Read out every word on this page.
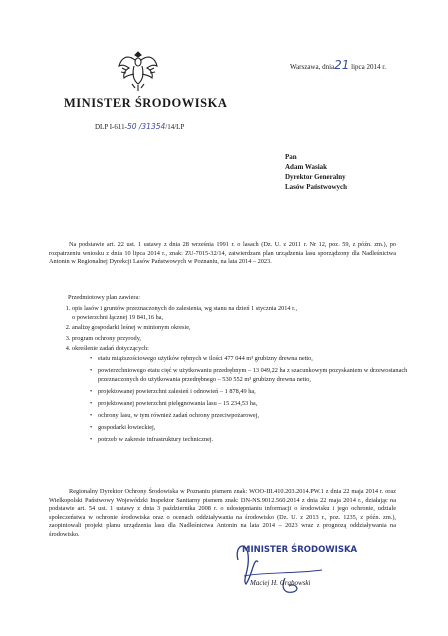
MINISTER ŚRODOWISKA
DLP I-611-50 /31354/14/LP
Warszawa, dnia21 lipca 2014 r.
Pan
Adam Wasiak
Dyrektor Generalny
Lasów Państwowych
Na podstawie art. 22 ust. 1 ustawy z dnia 28 września 1991 r. o lasach (Dz. U. z 2011 r. Nr 12, poz. 59, z późn. zm.), po rozpatrzeniu wniosku z dnia 10 lipca 2014 r., znak: ZU-7015-32/14, zatwierdzam plan urządzenia lasu sporządzony dla Nadleśnictwa Antonin w Regionalnej Dyrekcji Lasów Państwowych w Poznaniu, na lata 2014 – 2023.
Przedmiotowy plan zawiera:
1. opis lasów i gruntów przeznaczonych do zalesienia, wg stanu na dzień 1 stycznia 2014 r.,
o powierzchni łącznej 19 841,16 ha,
2. analizę gospodarki leśnej w minionym okresie,
3. program ochrony przyrody,
4. określenie zadań dotyczących:
• etatu miąższościowego użytków rębnych w ilości 477 044 m³ grubizny drewna netto,
• powierzchniowego etatu cięć w użytkowaniu przedrębnym – 13 049,22 ha z szacunkowym pozyskaniem w drzewostanach przeznaczonych do użytkowania przedrębnego – 530 552 m³ grubizny drewna netto,
• projektowanej powierzchni zalesień i odnowień – 1 878,49 ha,
• projektowanej powierzchni pielęgnowania lasu – 15 234,53 ha,
• ochrony lasu, w tym również zadań ochrony przeciwpożarowej,
• gospodarki łowieckiej,
• potrzeb w zakresie infrastruktury technicznej.
Regionalny Dyrektor Ochrony Środowiska w Poznaniu pismem znak: WOO-III.410.203.2014.PW.1 z dnia 22 maja 2014 r. oraz Wielkopolski Państwowy Wojewódzki Inspektor Sanitarny pismem znak: DN-NS.9012.560.2014 z dnia 22 maja 2014 r., działając na podstawie art. 54 ust. 1 ustawy z dnia 3 października 2008 r. o udostępnianiu informacji o środowisku i jego ochronie, udziale społeczeństwa w ochronie środowiska oraz o ocenach oddziaływania na środowisko (Dz. U. z 2013 r., poz. 1235, z późn. zm.), zaopiniowali projekt planu urządzenia lasu dla Nadleśnictwa Antonin na lata 2014 – 2023 wraz z prognozą oddziaływania na środowisko.
MINISTER ŚRODOWISKA
Maciej H. Grabowski
